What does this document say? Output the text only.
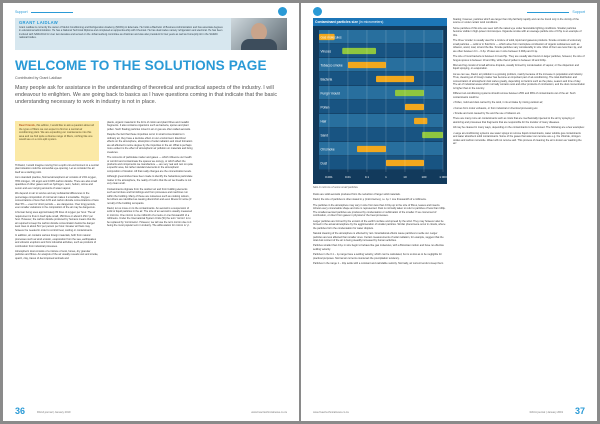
Support
GRANT LAIDLAW
Grant Laidlaw is currently the owner of Merlot Conditioning and Refrigeration Academy (MCRA) in Edenvale. He holds a Bachelor of Business Administration and has associate degrees in educational administration. He has a National Technical Diploma and completed an apprenticeship with Chemtek. He has dual trades namely refrigeration and electrical. He has been involved with SARACCA for over two decades and served on the Johannesburg committee as chairman and was also president for two years as well as Comeprity kit in the SARAC national bodies.
WELCOME TO THE SOLUTIONS PAGE
Contributed by Grant Laidlaw
Many people ask for assistance in the understanding of theoretical and practical aspects of the industry. I will endeavour to enlighten. We are going back to basics as I have questions coming in that indicate that the basic understanding necessary to work in industry is not in place.
Dear Friends, this edition, I would like to ask a question about all the types of filters we can expect to find on a central air conditioning plant. We are expanding our maintenance into this area and we find quite a diverse range of filters, nothing like one would see on a mini-split system.

Hi David, I would imagine moving from a split unit environment to a central plant situation could be somewhat eye-opening. Let us consider the air itself as a starting point.

As is standard practice, Normal atmospheric air consists of 21% oxygen, 78% nitrogen, 1% argon and 0.03% carbon dioxide. There are also small quantities of other gases such as hydrogen, neon, helium, ozone and xenon and ever varying amounts of water vapour.

We depend on air to survive and any substantial differences in the percentage composition of normal air makes it unsuitable. Oxygen concentrations of less than 12% and carbon dioxide concentrations of less than 5% — even for short periods — are dangerous. Over long periods, even smaller variations in the composition of the air may be dangerous.

A human being uses approximately 80 litres of oxygen per hour. The air requirement is thus in itself quite small, 150 litres or about 0.15m³ per hour. However, the carbon dioxide produced by humans means that the air required to keep the carbon dioxide concentration below the danger level rises to about 5m³ per person per hour. Greater air flows may however be needed in order to control heat, cooling or contaminants.

In addition, air contains various foreign materials, both from natural processes such as wind erosion, evaporation from the sea, earthquakes and volcanic eruptions and from industrial activities, such as products of combustion from industrial processes.

Atmospheric dust consists of a mixture of soot, fumes, dry granular particles and fibres. An analysis of the air usually reveals soot and smoke, quartz, clay, traces of decomposed animals and

plants, organic material in the form of cotton and plant fibres and metallic fragments. It also contains organisms such as bacteria, spores and plant pollen. Such floating particles mixed in air or gas are often called aerosols.

Despite the fact that these impurities occur in small concentrations in ordinary air, they have a decisive effect on our environment. Electrical effects on the atmosphere, absorption of solar radiation and cloud formation are all affected to some degree by the impurities in the air. What is perhaps more evident is the effect of atmospheric air pollution on materials and living creatures.

The concerns of particulate matter and gases — which influence our health or comfort and contaminate the spaces we occupy, or which affect the products and components we manufacture — are very real and rest on quite a specific area, but rather standard elements in the atmospheric composition of location. All that really changes are the concentration levels.

Although great strides have been made to identify the hazardous particulate matter in the atmosphere, the reality of it all is that the air we breathe is not very clean at all.

Contaminants originate from the outdoor air and from building elements such as furniture and furnishings and from processes and machines run within the building. Many of these are nuisances such as cooking odours, but others are identified as causing discomfort and even illness for some (if not all) of the building occupants.

David, let us move on to the contaminants. An aerosol is a suspension of solid or liquid particles in the air. The size of an aerosol is usually measured in microns. One micron is one millionth of a metre or one thousandth of a millimetre. Under the International System Units (SI) the term 'micron' is to be replaced by 'micrometre'. However, we will use the term micron due to it being the most popular term in industry. The abbreviation for micron is 'μ'.

36	RACA journal | January 2019	www.hvacrtechnicalnews.co.za
Support
Contaminant particles size (in micrometers)
Gas molecules
Viruses
Tobacco smoke
Bacteria
Fungi / mould
Pollen
Hair
Sand
Oil smoke
Dust
0.001	0.01	0.1	1	10	100	1 000
Size in microns of some small particles.

Dusts are solid aerosols produced from the reduction of larger solid materials.

David, the size of particles is often stated in μ (micrometres), i.e. 1μ = one thousandth of a millimetre.

The particles in the atmosphere may vary in size from less than 0.01μ up to the size of fibres, leaves and insects. Almost every conceivable shape and size is represented. Dust is normally taken to refer to particles of less than 100μ. The smallest aerosol particles are produced by condensation or sublimation of the smaller. If we concerned of combustion, or direct from gases in physical or the heat processes.

Larger particles are formed by the erosion of the earth's surface and spread by the wind. They may however also be formed in the actual atmosphere by the agglomeration of smaller particles. Similar phenomena occur in clouds, where the particles form the condensation for water droplets.

Natural cleaning of the atmosphere is effected by rain. Gravitational effects cause particles to settle out. Larger particles are less affected than smaller ones. Certain measurements of solar radiation, for example, suggest that the total dust content of the air is being steadily increased by human activities.

Particles smaller than 0.1μ in size begin to behave like gas molecules, with a Brownian motion and have no effective settling velocity.

Particles in the 0.1 – 1μ range have a settling velocity, which can be calculated, but is so low as to be negligible for practical purposes. Normal air currents counteract the precipitation tendency.

Particles in the range 1 – 10μ settle with a constant and calculable velocity. Normally, air current tends to keep them

floating; however, particles which are larger than 10μ fall fairly rapidly and can be found only in the vicinity of the source or under certain wind conditions.

Some particles of this size are seen with the naked eye under favourable lighting conditions. Smaller particles become visible in high-power microscopes. Cigarette smoke with an average particle size of 0.5μ is an example of this.

The three 'smoke' is usually used for a mixture of solid, liquid and gaseous products. Smoke consists of extremely small particles — solid or in fluid form — which arise from incomplete combustion of organic substances such as tobacco, wood, coal, oil and the like. Smoke particles vary considerably in size. Most of them are less than 1μ, and are often between 0.1 – 0.3μ. Viruses are in size between 0.003μ and 0.1μ.

The size of most bacteria is between 0.4 and 5μ. They are usually also found on larger particles, however, the size of fungus spores is between 10 and 30μ, while that of pollen is between 10 and 100μ.

Mist and fog consist of small airborne droplets, usually formed by condensation of vapour, or fine dispersion and liquid spraying, or evaporation.

As we can see, David, air pollution is a growing problem, mainly because of the increase in population and industry. Thus, cleaning air of foreign matter has become an important part of air-conditioning. The total distribution and concentration of atmospheric dust varies greatly, depending on factors such as the place, season and time of day. The air of industrial areas which normally contains soot and other products of combustion, and the dust concentration is higher than in the country.

Different air-conditioning systems should remove between 25% and 99% of contaminants out of the air. Such contaminants could be:

• Pollen, mold and dust carried by the wind, in its at intake by mixing outdoor air;

• Fumes from motor exhausts, or from industrial or chemical processing etc.

• Smoke and soot caused by fire and the use of tobacco etc.

There are many more air contaminants such as mists that are mechanically injected to the air by spraying or atomizing and processes that fragments that are responsible for the transfer of many diseases.

All may be cleaned in many ways, depending on the contaminants to be removed. The following are a few examples:

• Large air-conditioning systems use water sprays to remove liquid contaminants, water soluble gas contaminants and water absorbent solid contaminants. Some of the gases that water can remove are e.g. the chloride, nitrogen oxides and carbon monoxide. Water will not remove ash. This process of cleaning the air is known as 'washing the air'.

37
www.hvacrtechnicalnews.co.za	RACA journal | January 2019
